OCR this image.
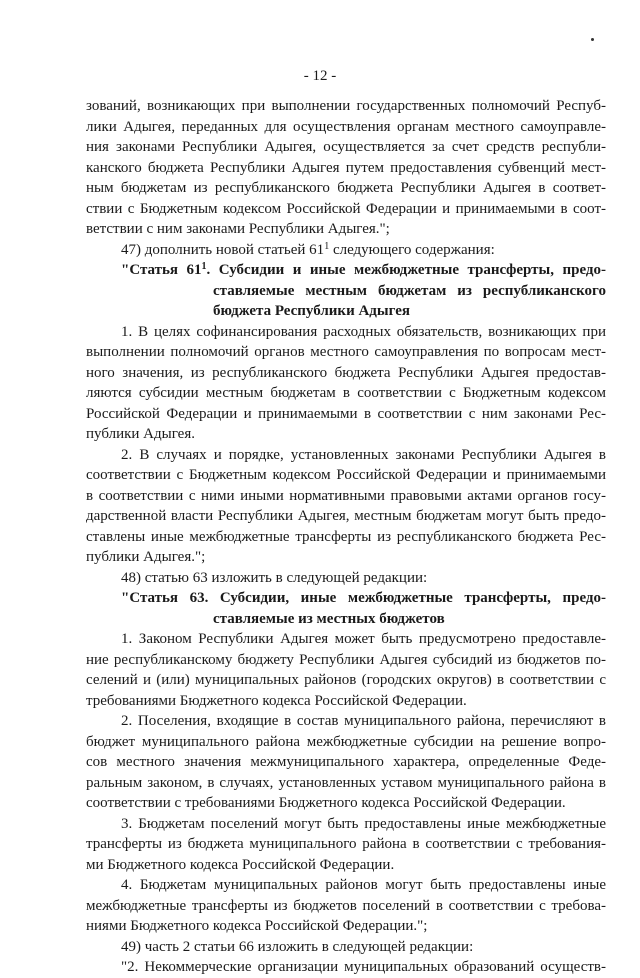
- 12 -
зований, возникающих при выполнении государственных полномочий Респуб-
лики Адыгея, переданных для осуществления органам местного самоуправле-
ния законами Республики Адыгея, осуществляется за счет средств республи-
канского бюджета Республики Адыгея путем предоставления субвенций мест-
ным бюджетам из республиканского бюджета Республики Адыгея в соответ-
ствии с Бюджетным кодексом Российской Федерации и принимаемыми в соот-
ветствии с ним законами Республики Адыгея.";
47) дополнить новой статьей $61^1$ следующего содержания:
"Статья $61^1$. Субсидии и иные межбюджетные трансферты, предо-
ставляемые местным бюджетам из республиканского
бюджета Республики Адыгея
1. В целях софинансирования расходных обязательств, возникающих при
выполнении полномочий органов местного самоуправления по вопросам мест-
ного значения, из республиканского бюджета Республики Адыгея предостав-
ляются субсидии местным бюджетам в соответствии с Бюджетным кодексом
Российской Федерации и принимаемыми в соответствии с ним законами Рес-
публики Адыгея.
2. В случаях и порядке, установленных законами Республики Адыгея в
соответствии с Бюджетным кодексом Российской Федерации и принимаемыми
в соответствии с ними иными нормативными правовыми актами органов госу-
дарственной власти Республики Адыгея, местным бюджетам могут быть предо-
ставлены иные межбюджетные трансферты из республиканского бюджета Рес-
публики Адыгея.";
48) статью 63 изложить в следующей редакции:
"Статья 63. Субсидии, иные межбюджетные трансферты, предо-
ставляемые из местных бюджетов
1. Законом Республики Адыгея может быть предусмотрено предоставле-
ние республиканскому бюджету Республики Адыгея субсидий из бюджетов по-
селений и (или) муниципальных районов (городских округов) в соответствии с
требованиями Бюджетного кодекса Российской Федерации.
2. Поселения, входящие в состав муниципального района, перечисляют в
бюджет муниципального района межбюджетные субсидии на решение вопро-
сов местного значения межмуниципального характера, определенные Феде-
ральным законом, в случаях, установленных уставом муниципального района в
соответствии с требованиями Бюджетного кодекса Российской Федерации.
3. Бюджетам поселений могут быть предоставлены иные межбюджетные
трансферты из бюджета муниципального района в соответствии с требования-
ми Бюджетного кодекса Российской Федерации.
4. Бюджетам муниципальных районов могут быть предоставлены иные
межбюджетные трансферты из бюджетов поселений в соответствии с требова-
ниями Бюджетного кодекса Российской Федерации.";
49) часть 2 статьи 66 изложить в следующей редакции:
"2. Некоммерческие организации муниципальных образований осуществ-
